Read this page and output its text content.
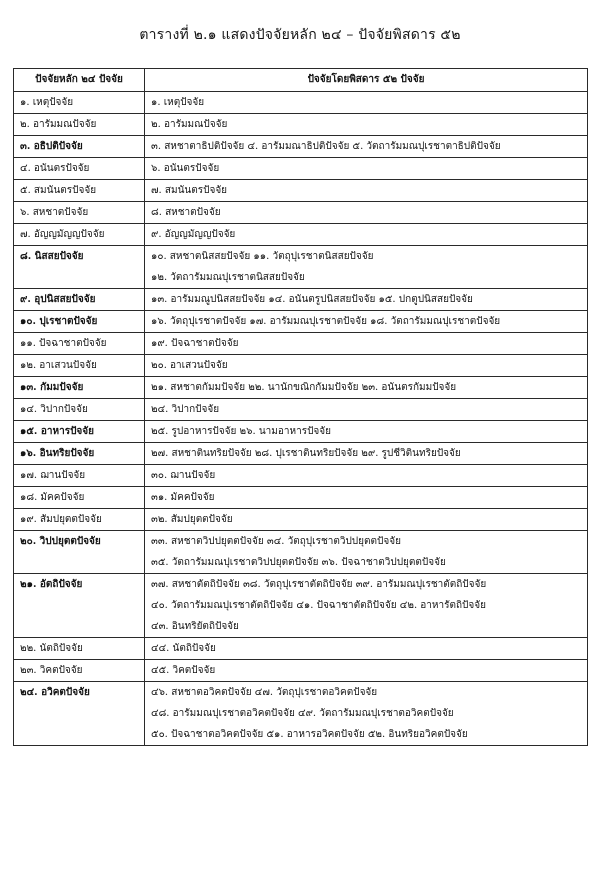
ตารางที่ ๒.๑ แสดงปัจจัยหลัก ๒๔ – ปัจจัยพิสดาร ๕๒
ปัจจัยหลัก ๒๔ ปัจจัย	ปัจจัยโดยพิสดาร ๕๒ ปัจจัย

๑. เหตุปัจจัย	๑. เหตุปัจจัย

๒. อารัมมณปัจจัย	๒. อารัมมณปัจจัย

๓. อธิปติปัจจัย	๓. สหชาตาธิปติปัจจัย ๔. อารัมมณาธิปติปัจจัย ๕. วัตถารัมมณปุเรชาตาธิปติปัจจัย

๔. อนันตรปัจจัย	๖. อนันตรปัจจัย

๕. สมนันตรปัจจัย	๗. สมนันตรปัจจัย

๖. สหชาตปัจจัย	๘. สหชาตปัจจัย

๗. อัญญมัญญปัจจัย	๙. อัญญมัญญปัจจัย

๘. นิสสยปัจจัย	๑๐. สหชาตนิสสยปัจจัย ๑๑. วัตถุปุเรชาตนิสสยปัจจัย
๑๒. วัตถารัมมณปุเรชาตนิสสยปัจจัย

๙. อุปนิสสยปัจจัย	๑๓. อารัมมณูปนิสสยปัจจัย ๑๔. อนันตรูปนิสสยปัจจัย ๑๕. ปกตูปนิสสยปัจจัย

๑๐. ปุเรชาตปัจจัย	๑๖. วัตถุปุเรชาตปัจจัย ๑๗. อารัมมณปุเรชาตปัจจัย ๑๘. วัตถารัมมณปุเรชาตปัจจัย

๑๑. ปัจฉาชาตปัจจัย	๑๙. ปัจฉาชาตปัจจัย

๑๒. อาเสวนปัจจัย	๒๐. อาเสวนปัจจัย

๑๓. กัมมปัจจัย	๒๑. สหชาตกัมมปัจจัย ๒๒. นานักขณิกกัมมปัจจัย ๒๓. อนันตรกัมมปัจจัย

๑๔. วิปากปัจจัย	๒๔. วิปากปัจจัย

๑๕. อาหารปัจจัย	๒๕. รูปอาหารปัจจัย ๒๖. นามอาหารปัจจัย

๑๖. อินทริยปัจจัย	๒๗. สหชาตินทริยปัจจัย ๒๘. ปุเรชาตินทริยปัจจัย ๒๙. รูปชีวิตินทริยปัจจัย

๑๗. ฌานปัจจัย	๓๐. ฌานปัจจัย

๑๘. มัคคปัจจัย	๓๑. มัคคปัจจัย

๑๙. สัมปยุตตปัจจัย	๓๒. สัมปยุตตปัจจัย

๒๐. วิปปยุตตปัจจัย	๓๓. สหชาตวิปปยุตตปัจจัย ๓๔. วัตถุปุเรชาตวิปปยุตตปัจจัย
๓๕. วัตถารัมมณปุเรชาตวิปปยุตตปัจจัย ๓๖. ปัจฉาชาตวิปปยุตตปัจจัย

๒๑. อัตถิปัจจัย	๓๗. สหชาตัตถิปัจจัย ๓๘. วัตถุปุเรชาตัตถิปัจจัย ๓๙. อารัมมณปุเรชาตัตถิปัจจัย
๔๐. วัตถารัมมณปุเรชาตัตถิปัจจัย ๔๑. ปัจฉาชาตัตถิปัจจัย ๔๒. อาหารัตถิปัจจัย
๔๓. อินทริยัตถิปัจจัย

๒๒. นัตถิปัจจัย	๔๔. นัตถิปัจจัย

๒๓. วิคตปัจจัย	๔๕. วิคตปัจจัย

๒๔. อวิคตปัจจัย	๔๖. สหชาตอวิคตปัจจัย ๔๗. วัตถุปุเรชาตอวิคตปัจจัย
๔๘. อารัมมณปุเรชาตอวิคตปัจจัย ๔๙. วัตถารัมมณปุเรชาตอวิคตปัจจัย
๕๐. ปัจฉาชาตอวิคตปัจจัย ๕๑. อาหารอวิคตปัจจัย ๕๒. อินทริยอวิคตปัจจัย
